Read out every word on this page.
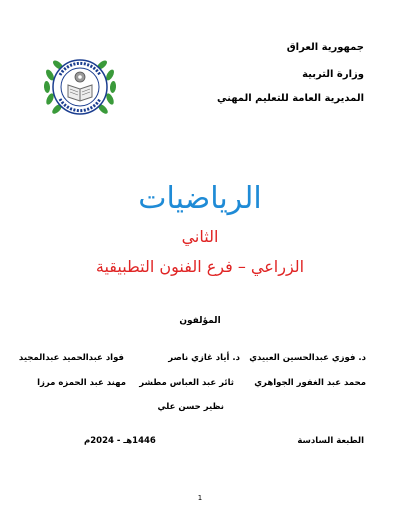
جمهورية العراق
وزارة التربية
المديرية العامة للتعليم المهني
الرياضيات
الثاني
الزراعي – فرع الفنون التطبيقية
المؤلفون
د. فوزي عبدالحسين العبيدي
د. أياد غازي ناصر
فواد عبدالحميد عبدالمجيد
محمد عبد الغفور الجواهري
ثائر عبد العباس مطشر
مهند عبد الحمزه مرزا
نظير حسن علي
الطبعة السادسة
1446هـ - 2024م
1
